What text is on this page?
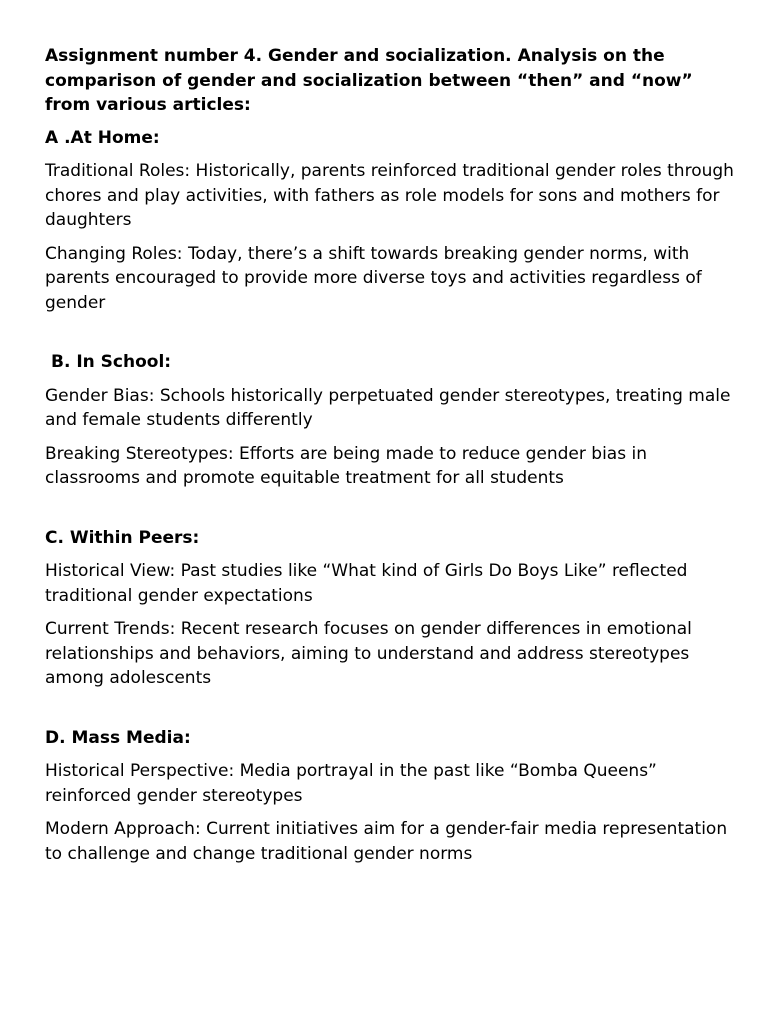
Assignment number 4. Gender and socialization. Analysis on the comparison of gender and socialization between “then” and “now” from various articles:
A .At Home:
Traditional Roles: Historically, parents reinforced traditional gender roles through chores and play activities, with fathers as role models for sons and mothers for daughters
Changing Roles: Today, there’s a shift towards breaking gender norms, with parents encouraged to provide more diverse toys and activities regardless of gender
B. In School:
Gender Bias: Schools historically perpetuated gender stereotypes, treating male and female students differently
Breaking Stereotypes: Efforts are being made to reduce gender bias in classrooms and promote equitable treatment for all students
C. Within Peers:
Historical View: Past studies like “What kind of Girls Do Boys Like” reflected traditional gender expectations
Current Trends: Recent research focuses on gender differences in emotional relationships and behaviors, aiming to understand and address stereotypes among adolescents
D. Mass Media:
Historical Perspective: Media portrayal in the past like “Bomba Queens” reinforced gender stereotypes
Modern Approach: Current initiatives aim for a gender-fair media representation to challenge and change traditional gender norms
